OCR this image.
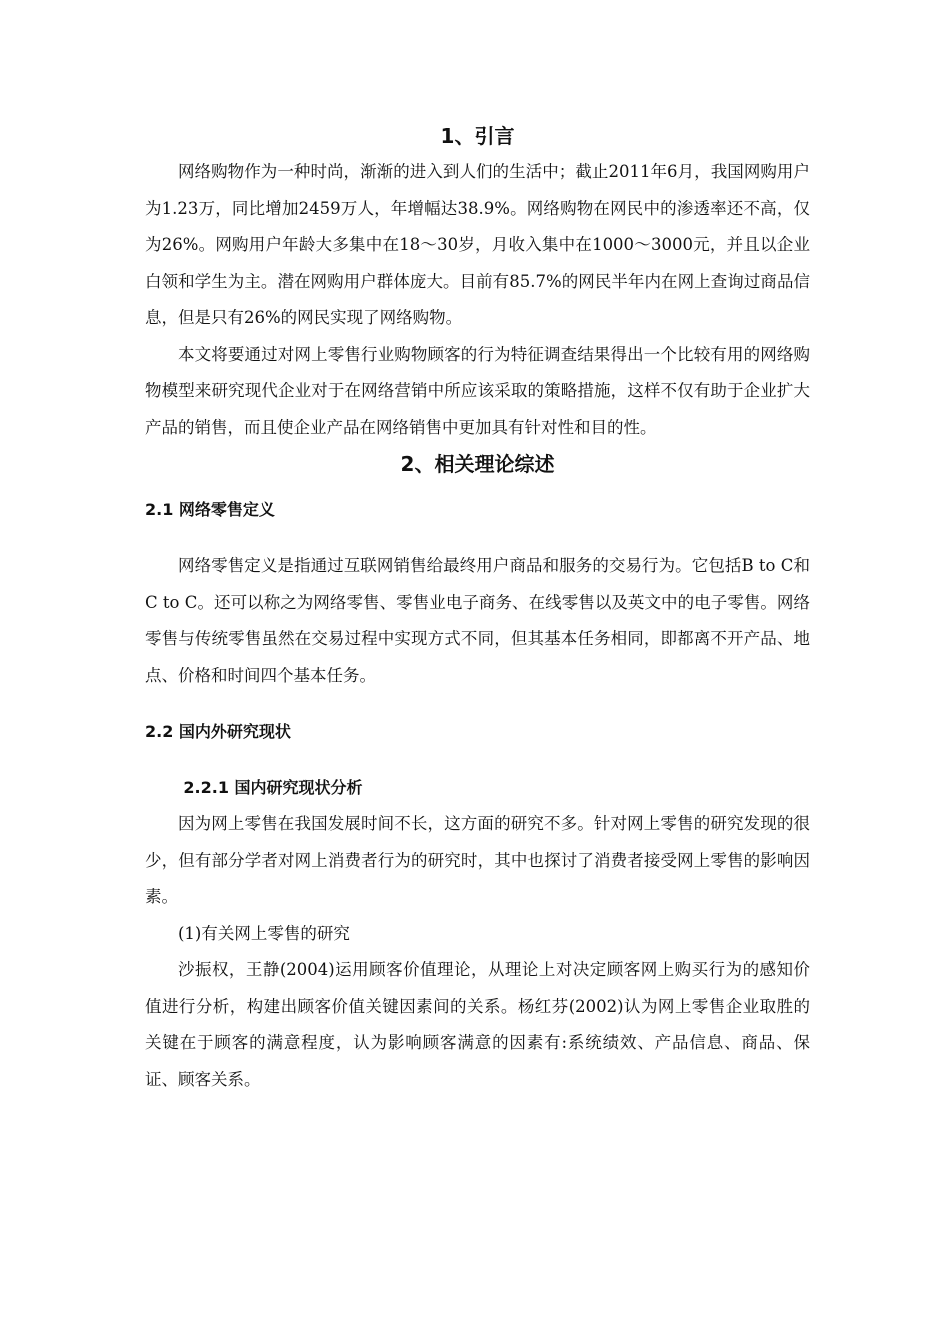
1、引言

网络购物作为一种时尚，渐渐的进入到人们的生活中；截止2011年6月，我国网购用户为1.23万，同比增加2459万人，年增幅达38.9%。网络购物在网民中的渗透率还不高，仅为26%。网购用户年龄大多集中在18～30岁，月收入集中在1000～3000元，并且以企业白领和学生为主。潜在网购用户群体庞大。目前有85.7%的网民半年内在网上查询过商品信息，但是只有26%的网民实现了网络购物。

本文将要通过对网上零售行业购物顾客的行为特征调查结果得出一个比较有用的网络购物模型来研究现代企业对于在网络营销中所应该采取的策略措施，这样不仅有助于企业扩大产品的销售，而且使企业产品在网络销售中更加具有针对性和目的性。

2、相关理论综述
2.1 网络零售定义

网络零售定义是指通过互联网销售给最终用户商品和服务的交易行为。它包括B to C和C to C。还可以称之为网络零售、零售业电子商务、在线零售以及英文中的电子零售。网络零售与传统零售虽然在交易过程中实现方式不同，但其基本任务相同，即都离不开产品、地点、价格和时间四个基本任务。

2.2 国内外研究现状
2.2.1 国内研究现状分析

因为网上零售在我国发展时间不长，这方面的研究不多。针对网上零售的研究发现的很少，但有部分学者对网上消费者行为的研究时，其中也探讨了消费者接受网上零售的影响因素。

(1)有关网上零售的研究

沙振权，王静(2004)运用顾客价值理论，从理论上对决定顾客网上购买行为的感知价值进行分析，构建出顾客价值关键因素间的关系。杨红芬(2002)认为网上零售企业取胜的关键在于顾客的满意程度，认为影响顾客满意的因素有:系统绩效、产品信息、商品、保证、顾客关系。
